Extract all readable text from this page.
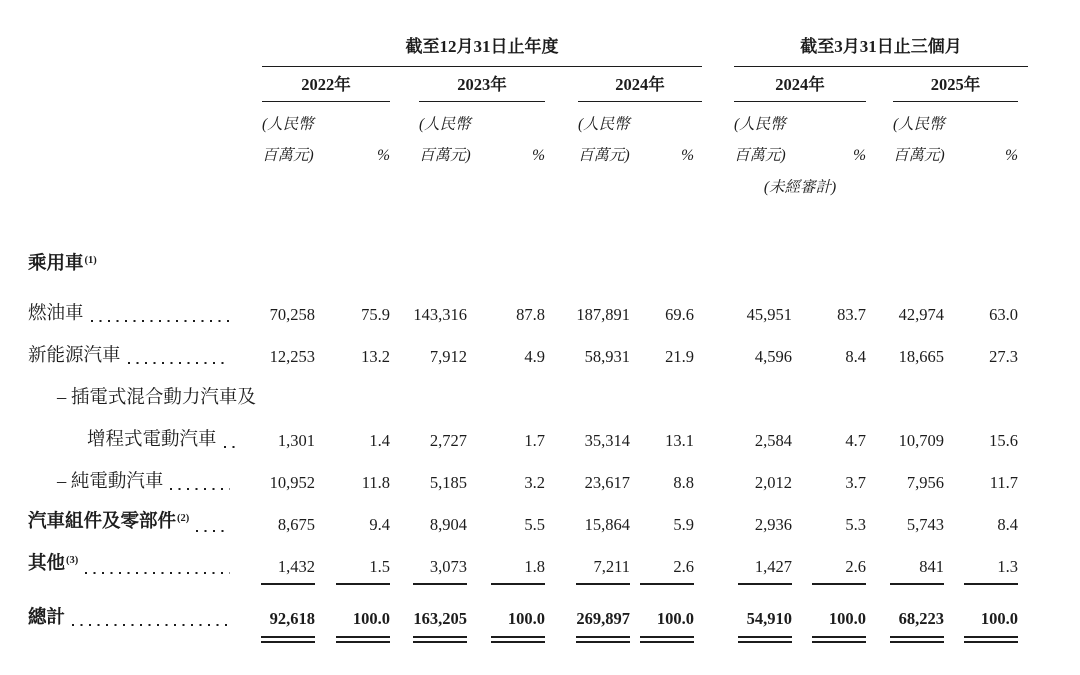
截至12月31日止年度	截至3月31日止三個月
2022年	2023年	2024年	2024年	2025年
(人民幣	(人民幣	(人民幣	(人民幣	(人民幣
百萬元)	%	百萬元)	%	百萬元)	%	百萬元)	%	百萬元)	%
(未經審計)
乘用車$^{(1)}$
燃油車	70,258	75.9	143,316	87.8	187,891	69.6	45,951	83.7	42,974	63.0
新能源汽車	12,253	13.2	7,912	4.9	58,931	21.9	4,596	8.4	18,665	27.3
– 插電式混合動力汽車及
增程式電動汽車	1,301	1.4	2,727	1.7	35,314	13.1	2,584	4.7	10,709	15.6
– 純電動汽車	10,952	11.8	5,185	3.2	23,617	8.8	2,012	3.7	7,956	11.7
汽車組件及零部件$^{(2)}$	8,675	9.4	8,904	5.5	15,864	5.9	2,936	5.3	5,743	8.4
其他$^{(3)}$	1,432	1.5	3,073	1.8	7,211	2.6	1,427	2.6	841	1.3
總計	92,618	100.0	163,205	100.0	269,897	100.0	54,910	100.0	68,223	100.0
